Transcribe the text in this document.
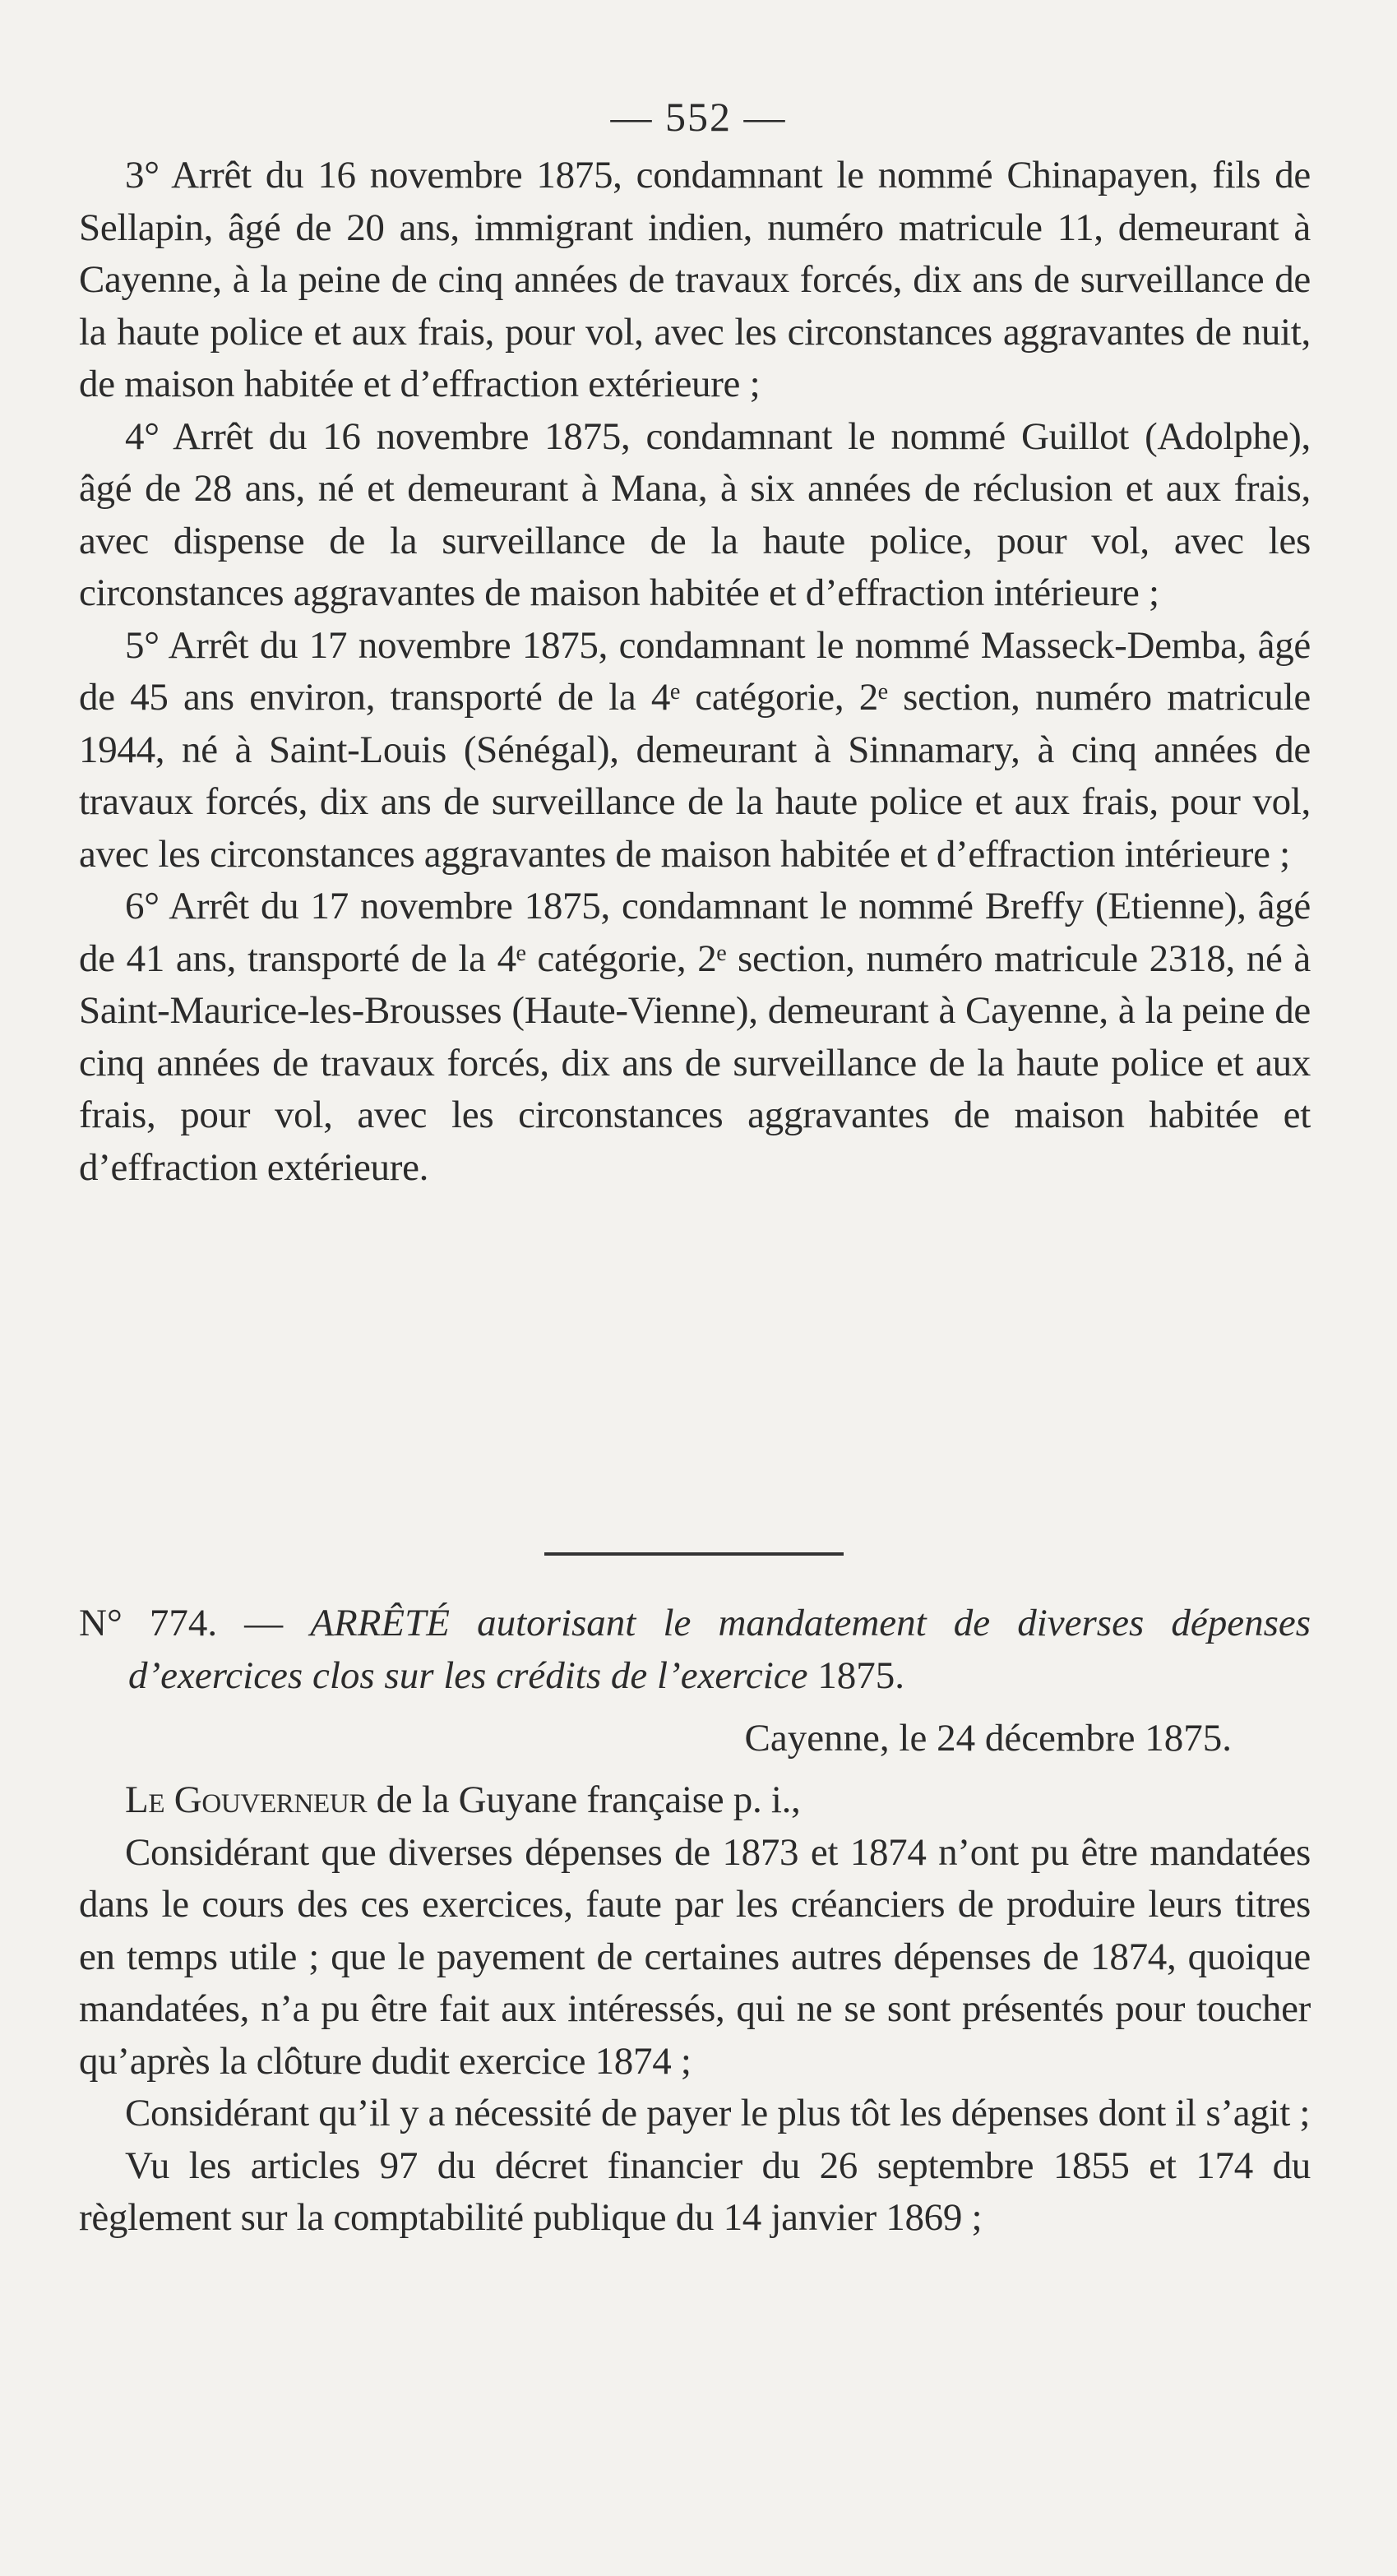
— 552 —

3° Arrêt du 16 novembre 1875, condamnant le nommé Chinapayen, fils de Sellapin, âgé de 20 ans, immigrant indien, numéro matricule 11, demeurant à Cayenne, à la peine de cinq années de travaux forcés, dix ans de surveillance de la haute police et aux frais, pour vol, avec les circonstances aggravantes de nuit, de maison habitée et d’effraction extérieure ;

4° Arrêt du 16 novembre 1875, condamnant le nommé Guillot (Adolphe), âgé de 28 ans, né et demeurant à Mana, à six années de réclusion et aux frais, avec dispense de la surveillance de la haute police, pour vol, avec les circonstances aggravantes de maison habitée et d’effraction intérieure ;

5° Arrêt du 17 novembre 1875, condamnant le nommé Masseck-Demba, âgé de 45 ans environ, transporté de la 4ᵉ catégorie, 2ᵉ section, numéro matricule 1944, né à Saint-Louis (Sénégal), demeurant à Sinnamary, à cinq années de travaux forcés, dix ans de surveillance de la haute police et aux frais, pour vol, avec les circonstances aggravantes de maison habitée et d’effraction intérieure ;

6° Arrêt du 17 novembre 1875, condamnant le nommé Breffy (Etienne), âgé de 41 ans, transporté de la 4ᵉ catégorie, 2ᵉ section, numéro matricule 2318, né à Saint-Maurice-les-Brousses (Haute-Vienne), demeurant à Cayenne, à la peine de cinq années de travaux forcés, dix ans de surveillance de la haute police et aux frais, pour vol, avec les circonstances aggravantes de maison habitée et d’effraction extérieure.

N° 774. — ARRÊTÉ autorisant le mandatement de diverses dépenses d’exercices clos sur les crédits de l’exercice 1875.

Cayenne, le 24 décembre 1875.

Le Gouverneur de la Guyane française p. i.,

Considérant que diverses dépenses de 1873 et 1874 n’ont pu être mandatées dans le cours des ces exercices, faute par les créanciers de produire leurs titres en temps utile ; que le payement de certaines autres dépenses de 1874, quoique mandatées, n’a pu être fait aux intéressés, qui ne se sont présentés pour toucher qu’après la clôture dudit exercice 1874 ;

Considérant qu’il y a nécessité de payer le plus tôt les dépenses dont il s’agit ;

Vu les articles 97 du décret financier du 26 septembre 1855 et 174 du règlement sur la comptabilité publique du 14 janvier 1869 ;
